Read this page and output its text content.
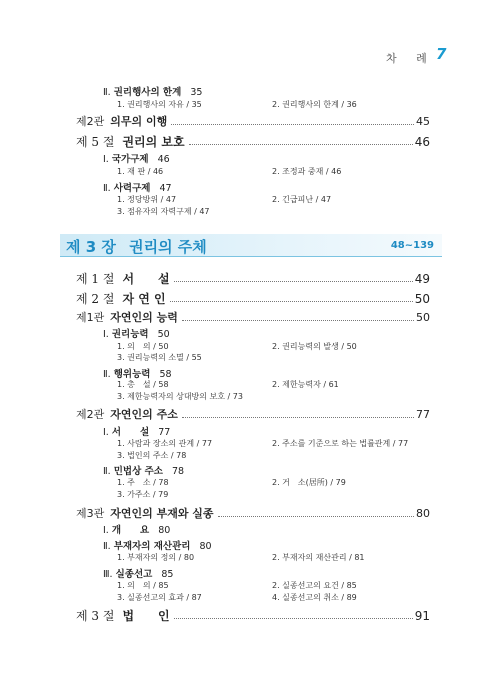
차 례 7
Ⅱ. 권리행사의 한계 35
1. 권리행사의 자유 / 35	2. 권리행사의 한계 / 36
제2관 의무의 이행	45
제 5 절 권리의 보호	46
Ⅰ. 국가구제 46
1. 재 판 / 46	2. 조정과 중재 / 46
Ⅱ. 사력구제 47
1. 정당방위 / 47	2. 긴급피난 / 47
3. 점유자의 자력구제 / 47
제 3 장 권리의 주체	48~139
제 1 절 서　　설	49
제 2 절 자 연 인	50
제1관 자연인의 능력	50
Ⅰ. 권리능력 50
1. 의　의 / 50	2. 권리능력의 발생 / 50
3. 권리능력의 소멸 / 55
Ⅱ. 행위능력 58
1. 총　설 / 58	2. 제한능력자 / 61
3. 제한능력자의 상대방의 보호 / 73
제2관 자연인의 주소	77
Ⅰ. 서　　설 77
1. 사람과 장소의 관계 / 77	2. 주소를 기준으로 하는 법률관계 / 77
3. 법인의 주소 / 78
Ⅱ. 민법상 주소 78
1. 주　소 / 78	2. 거　소(居所) / 79
3. 가주소 / 79
제3관 자연인의 부재와 실종	80
Ⅰ. 개　　요 80
Ⅱ. 부재자의 재산관리 80
1. 부재자의 정의 / 80	2. 부재자의 재산관리 / 81
Ⅲ. 실종선고 85
1. 의　의 / 85	2. 실종선고의 요건 / 85
3. 실종선고의 효과 / 87	4. 실종선고의 취소 / 89
제 3 절 법　　인	91
